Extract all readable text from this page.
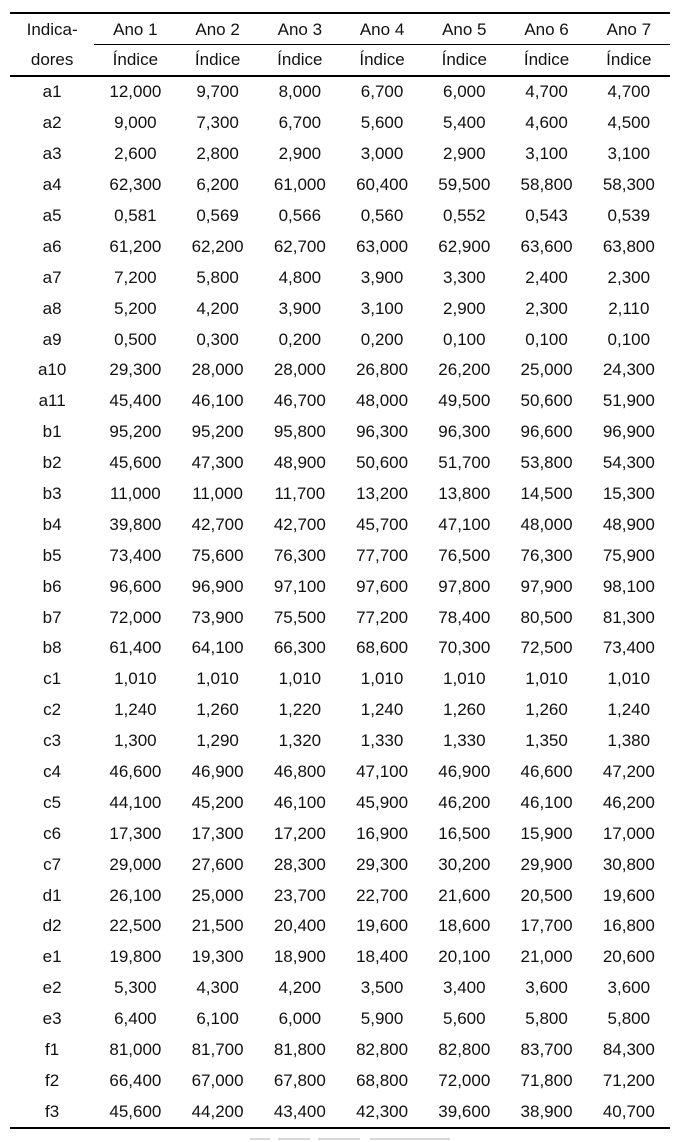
Indica-	Ano 1	Ano 2	Ano 3	Ano 4	Ano 5	Ano 6	Ano 7
dores	Índice	Índice	Índice	Índice	Índice	Índice	Índice
a1	12,000	9,700	8,000	6,700	6,000	4,700	4,700
a2	9,000	7,300	6,700	5,600	5,400	4,600	4,500
a3	2,600	2,800	2,900	3,000	2,900	3,100	3,100
a4	62,300	6,200	61,000	60,400	59,500	58,800	58,300
a5	0,581	0,569	0,566	0,560	0,552	0,543	0,539
a6	61,200	62,200	62,700	63,000	62,900	63,600	63,800
a7	7,200	5,800	4,800	3,900	3,300	2,400	2,300
a8	5,200	4,200	3,900	3,100	2,900	2,300	2,110
a9	0,500	0,300	0,200	0,200	0,100	0,100	0,100
a10	29,300	28,000	28,000	26,800	26,200	25,000	24,300
a11	45,400	46,100	46,700	48,000	49,500	50,600	51,900
b1	95,200	95,200	95,800	96,300	96,300	96,600	96,900
b2	45,600	47,300	48,900	50,600	51,700	53,800	54,300
b3	11,000	11,000	11,700	13,200	13,800	14,500	15,300
b4	39,800	42,700	42,700	45,700	47,100	48,000	48,900
b5	73,400	75,600	76,300	77,700	76,500	76,300	75,900
b6	96,600	96,900	97,100	97,600	97,800	97,900	98,100
b7	72,000	73,900	75,500	77,200	78,400	80,500	81,300
b8	61,400	64,100	66,300	68,600	70,300	72,500	73,400
c1	1,010	1,010	1,010	1,010	1,010	1,010	1,010
c2	1,240	1,260	1,220	1,240	1,260	1,260	1,240
c3	1,300	1,290	1,320	1,330	1,330	1,350	1,380
c4	46,600	46,900	46,800	47,100	46,900	46,600	47,200
c5	44,100	45,200	46,100	45,900	46,200	46,100	46,200
c6	17,300	17,300	17,200	16,900	16,500	15,900	17,000
c7	29,000	27,600	28,300	29,300	30,200	29,900	30,800
d1	26,100	25,000	23,700	22,700	21,600	20,500	19,600
d2	22,500	21,500	20,400	19,600	18,600	17,700	16,800
e1	19,800	19,300	18,900	18,400	20,100	21,000	20,600
e2	5,300	4,300	4,200	3,500	3,400	3,600	3,600
e3	6,400	6,100	6,000	5,900	5,600	5,800	5,800
f1	81,000	81,700	81,800	82,800	82,800	83,700	84,300
f2	66,400	67,000	67,800	68,800	72,000	71,800	71,200
f3	45,600	44,200	43,400	42,300	39,600	38,900	40,700
